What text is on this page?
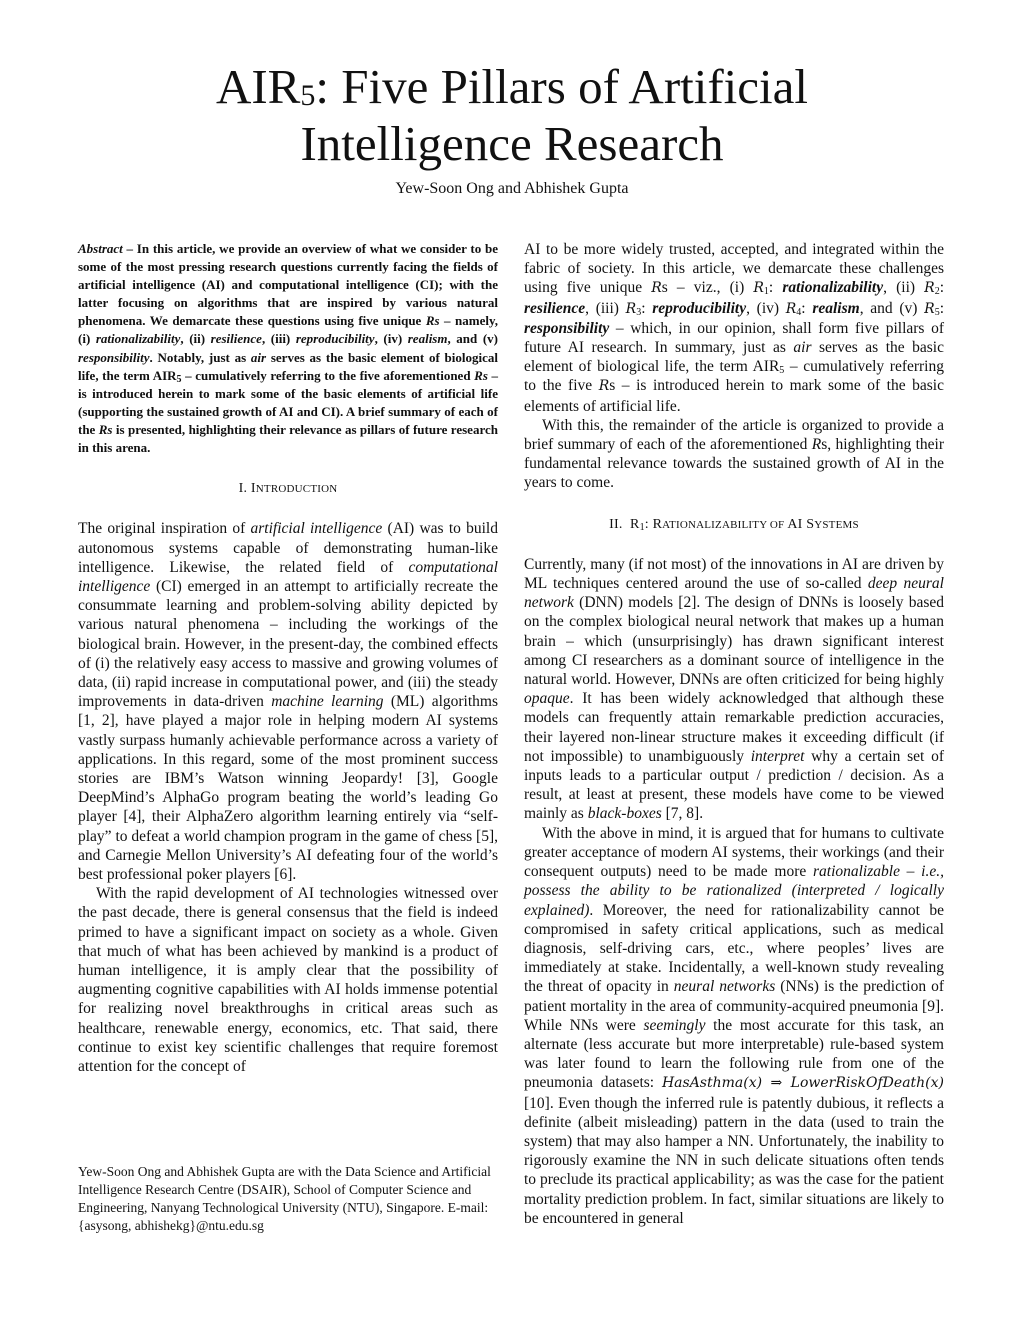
$AIR_5$: Five Pillars of Artificial
Intelligence Research
Yew-Soon Ong and Abhishek Gupta

Abstract – In this article, we provide an overview of what we consider to be some of the most pressing research questions currently facing the fields of artificial intelligence (AI) and computational intelligence (CI); with the latter focusing on algorithms that are inspired by various natural phenomena. We demarcate these questions using five unique Rs – namely, (i) rationalizability, (ii) resilience, (iii) reproducibility, (iv) realism, and (v) responsibility. Notably, just as air serves as the basic element of biological life, the term $AIR_5$ – cumulatively referring to the five aforementioned Rs – is introduced herein to mark some of the basic elements of artificial life (supporting the sustained growth of AI and CI). A brief summary of each of the Rs is presented, highlighting their relevance as pillars of future research in this arena.

I. INTRODUCTION

The original inspiration of artificial intelligence (AI) was to build autonomous systems capable of demonstrating human-like intelligence. Likewise, the related field of computational intelligence (CI) emerged in an attempt to artificially recreate the consummate learning and problem-solving ability depicted by various natural phenomena – including the workings of the biological brain. However, in the present-day, the combined effects of (i) the relatively easy access to massive and growing volumes of data, (ii) rapid increase in computational power, and (iii) the steady improvements in data-driven machine learning (ML) algorithms [1, 2], have played a major role in helping modern AI systems vastly surpass humanly achievable performance across a variety of applications. In this regard, some of the most prominent success stories are IBM’s Watson winning Jeopardy! [3], Google DeepMind’s AlphaGo program beating the world’s leading Go player [4], their AlphaZero algorithm learning entirely via “self-play” to defeat a world champion program in the game of chess [5], and Carnegie Mellon University’s AI defeating four of the world’s best professional poker players [6].

With the rapid development of AI technologies witnessed over the past decade, there is general consensus that the field is indeed primed to have a significant impact on society as a whole. Given that much of what has been achieved by mankind is a product of human intelligence, it is amply clear that the possibility of augmenting cognitive capabilities with AI holds immense potential for realizing novel breakthroughs in critical areas such as healthcare, renewable energy, economics, etc. That said, there continue to exist key scientific challenges that require foremost attention for the concept of

Yew-Soon Ong and Abhishek Gupta are with the Data Science and Artificial Intelligence Research Centre (DSAIR), School of Computer Science and Engineering, Nanyang Technological University (NTU), Singapore. E-mail: {asysong, abhishekg}@ntu.edu.sg

AI to be more widely trusted, accepted, and integrated within the fabric of society. In this article, we demarcate these challenges using five unique Rs – viz., (i) $R_1$: rationalizability, (ii) $R_2$: resilience, (iii) $R_3$: reproducibility, (iv) $R_4$: realism, and (v) $R_5$: responsibility – which, in our opinion, shall form five pillars of future AI research. In summary, just as air serves as the basic element of biological life, the term $AIR_5$ – cumulatively referring to the five Rs – is introduced herein to mark some of the basic elements of artificial life.

With this, the remainder of the article is organized to provide a brief summary of each of the aforementioned Rs, highlighting their fundamental relevance towards the sustained growth of AI in the years to come.

II. $R_1$: RATIONALIZABILITY OF AI SYSTEMS

Currently, many (if not most) of the innovations in AI are driven by ML techniques centered around the use of so-called deep neural network (DNN) models [2]. The design of DNNs is loosely based on the complex biological neural network that makes up a human brain – which (unsurprisingly) has drawn significant interest among CI researchers as a dominant source of intelligence in the natural world. However, DNNs are often criticized for being highly opaque. It has been widely acknowledged that although these models can frequently attain remarkable prediction accuracies, their layered non-linear structure makes it exceeding difficult (if not impossible) to unambiguously interpret why a certain set of inputs leads to a particular output / prediction / decision. As a result, at least at present, these models have come to be viewed mainly as black-boxes [7, 8].

With the above in mind, it is argued that for humans to cultivate greater acceptance of modern AI systems, their workings (and their consequent outputs) need to be made more rationalizable – i.e., possess the ability to be rationalized (interpreted / logically explained). Moreover, the need for rationalizability cannot be compromised in safety critical applications, such as medical diagnosis, self-driving cars, etc., where peoples’ lives are immediately at stake. Incidentally, a well-known study revealing the threat of opacity in neural networks (NNs) is the prediction of patient mortality in the area of community-acquired pneumonia [9]. While NNs were seemingly the most accurate for this task, an alternate (less accurate but more interpretable) rule-based system was later found to learn the following rule from one of the pneumonia datasets: HasAsthma(x) ⇒ LowerRiskOfDeath(x) [10]. Even though the inferred rule is patently dubious, it reflects a definite (albeit misleading) pattern in the data (used to train the system) that may also hamper a NN. Unfortunately, the inability to rigorously examine the NN in such delicate situations often tends to preclude its practical applicability; as was the case for the patient mortality prediction problem. In fact, similar situations are likely to be encountered in general
